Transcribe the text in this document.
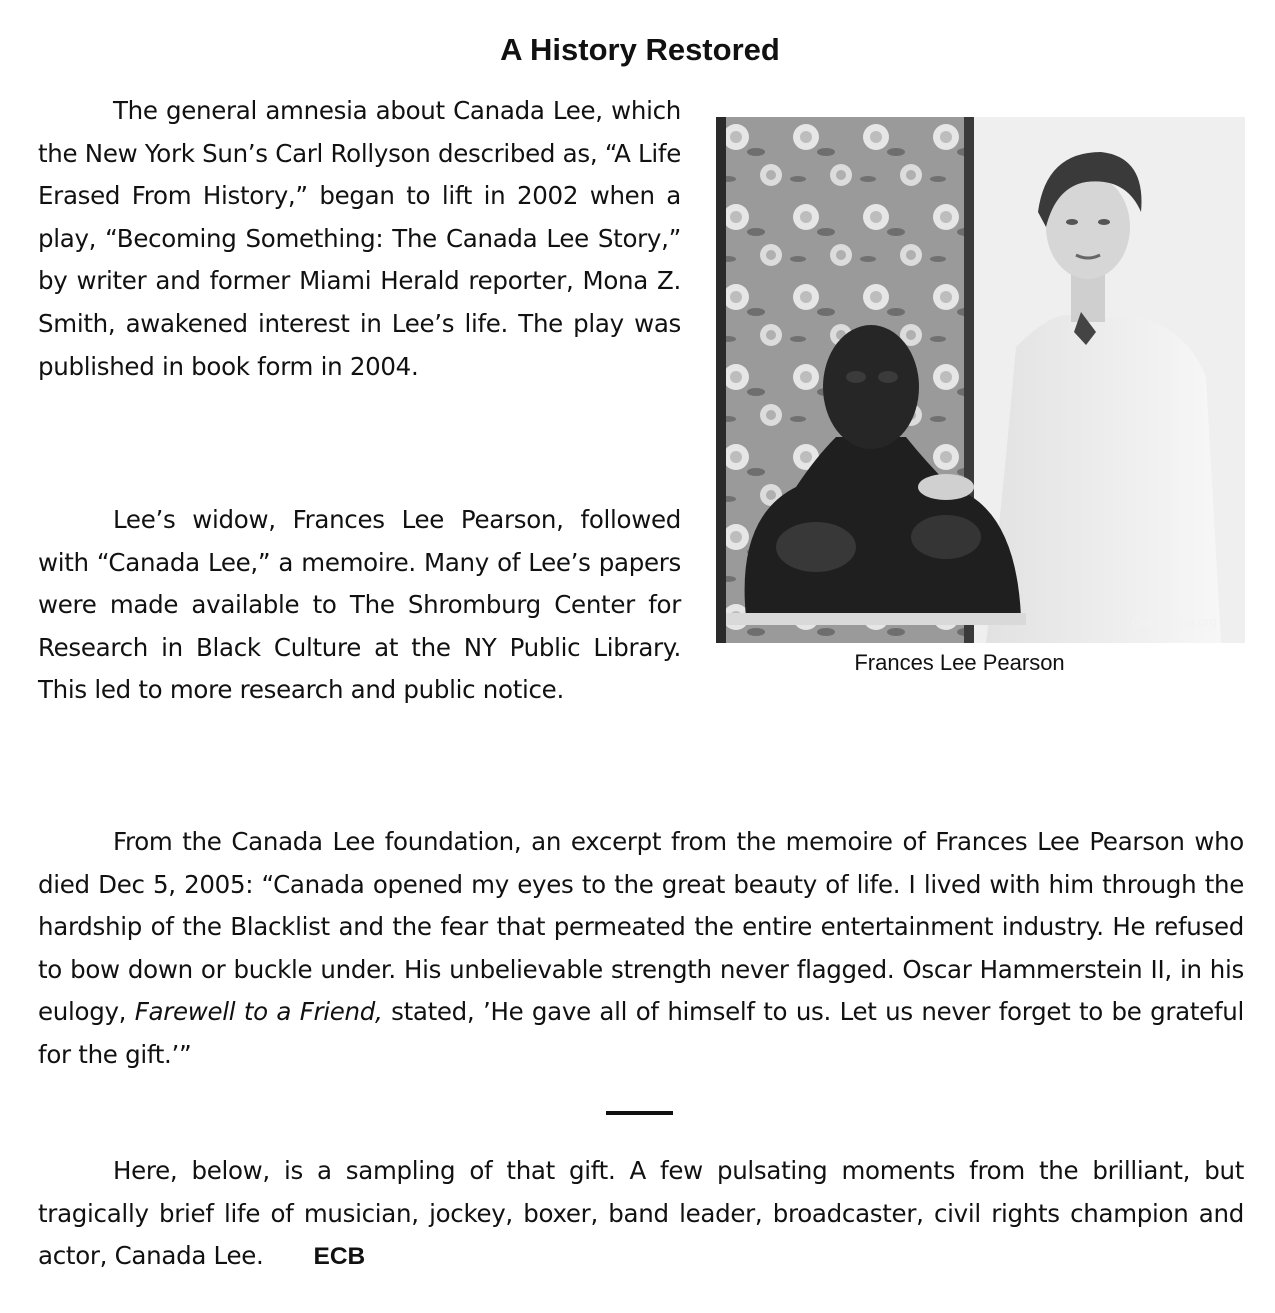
A History Restored

The general amnesia about Canada Lee, which the New York Sun’s Carl Rollyson described as, “A Life Erased From History,” began to lift in 2002 when a play, “Becoming Something: The Canada Lee Story,” by writer and former Miami Herald reporter, Mona Z. Smith, awakened interest in Lee’s life. The play was published in book form in 2004.

Lee’s widow, Frances Lee Pearson, followed with “Canada Lee,” a memoire. Many of Lee’s papers were made available to The Shromburg Center for Research in Black Culture at the NY Public Library. This led to more research and public notice.

Canadalee.org
Frances Lee Pearson

From the Canada Lee foundation, an excerpt from the memoire of Frances Lee Pearson who died Dec 5, 2005: “Canada opened my eyes to the great beauty of life. I lived with him through the hardship of the Blacklist and the fear that permeated the entire entertainment industry. He refused to bow down or buckle under. His unbelievable strength never flagged. Oscar Hammerstein II, in his eulogy, Farewell to a Friend, stated, ’He gave all of himself to us. Let us never forget to be grateful for the gift.’”

Here, below, is a sampling of that gift. A few pulsating moments from the brilliant, but tragically brief life of musician, jockey, boxer, band leader, broadcaster, civil rights champion and actor, Canada Lee. ECB
